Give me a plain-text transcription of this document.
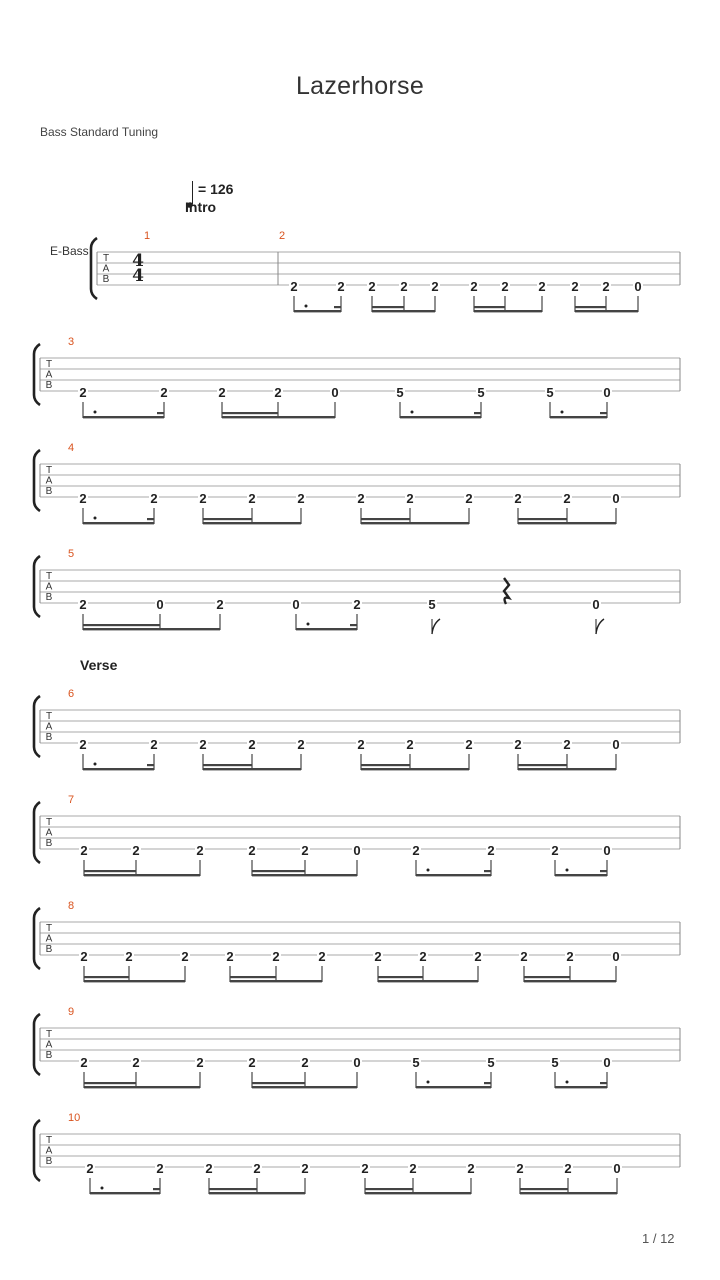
Lazerhorse
Bass Standard Tuning
= 126
Intro
Verse
E-Bass
1 / 12
T
A
B
T
A
B
T
A
B
T
A
B
T
A
B
T
A
B
T
A
B
T
A
B
T
A
B
4
4
1	2
2	2 2 2 2 2 2 2 2 2 0
3
2	2	2	2	0	5	5	5	0
4
2	2	2	2	2	2	2	2	2	2	0
5
2	0	2	0	2	5	0
6
2	2	2	2	2	2	2	2	2	2	0
7
2	2	2	2	2	0	2	2	2	0
8
2	2	2	2	2	2	2	2	2	2	2	0
9
2	2	2	2	2	0	5	5	5	0
10
2	2	2	2	2	2	2	2	2	2	0
